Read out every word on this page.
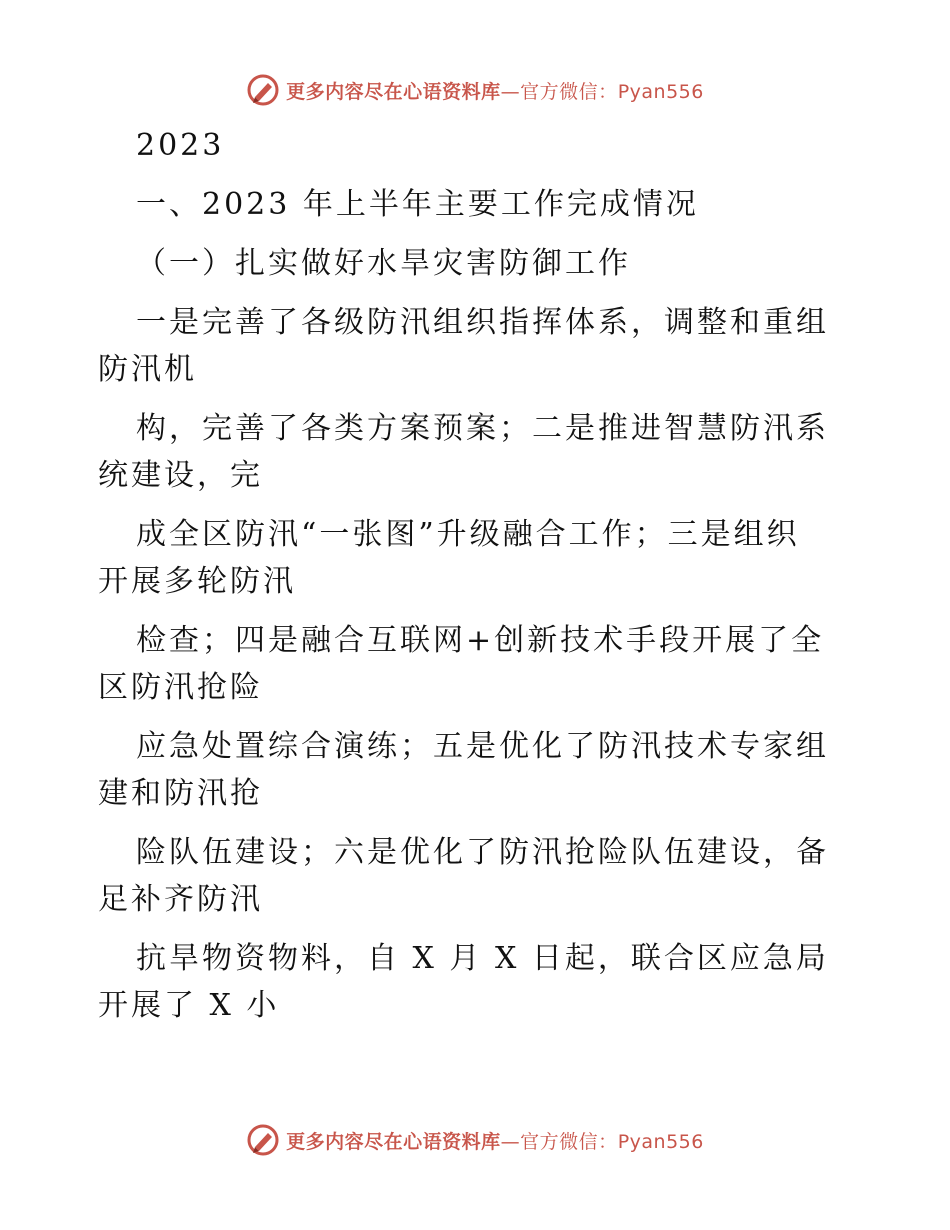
更多内容尽在心语资料库—官方微信：Pyan556

2023

一、2023 年上半年主要工作完成情况

（一）扎实做好水旱灾害防御工作

一是完善了各级防汛组织指挥体系，调整和重组

防汛机

构，完善了各类方案预案；二是推进智慧防汛系

统建设，完

成全区防汛“一张图”升级融合工作；三是组织

开展多轮防汛

检查；四是融合互联网+创新技术手段开展了全

区防汛抢险

应急处置综合演练；五是优化了防汛技术专家组

建和防汛抢

险队伍建设；六是优化了防汛抢险队伍建设，备

足补齐防汛

抗旱物资物料，自 X 月 X 日起，联合区应急局

开展了 X 小

更多内容尽在心语资料库—官方微信：Pyan556
